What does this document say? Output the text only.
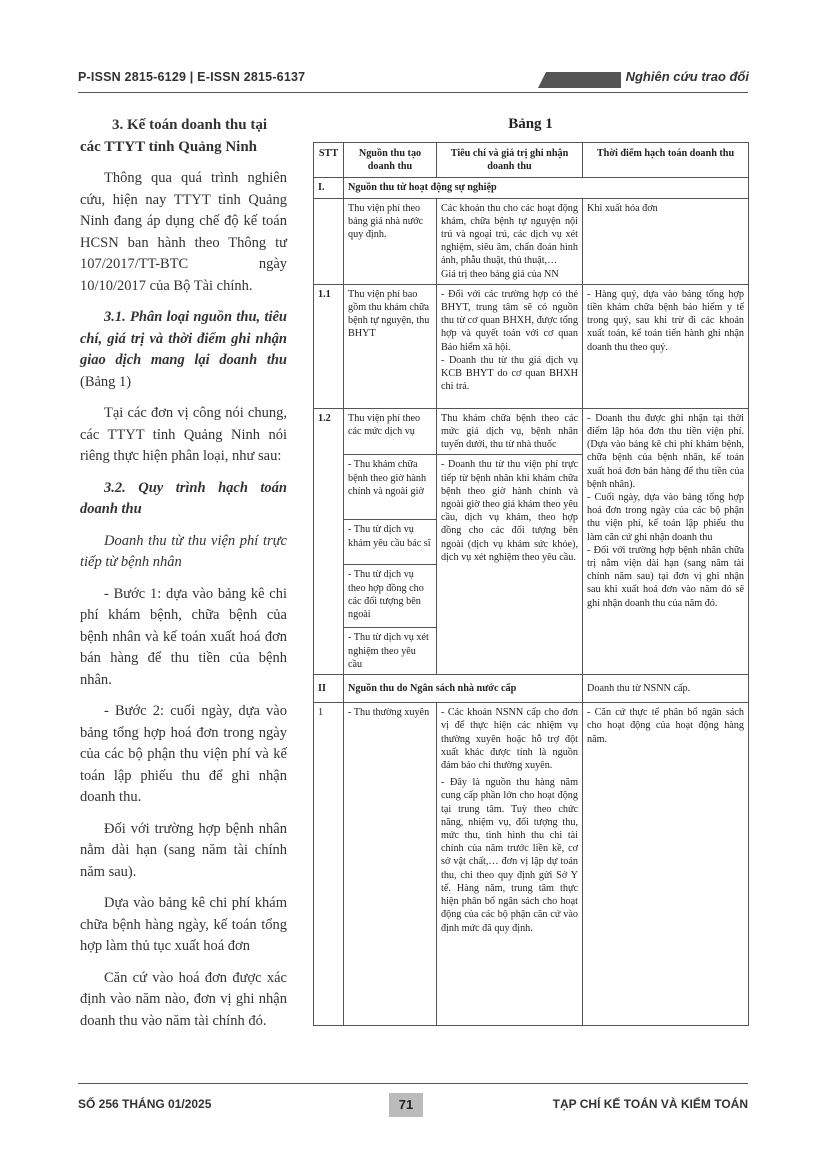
P-ISSN 2815-6129 | E-ISSN 2815-6137	Nghiên cứu trao đổi
3. Kế toán doanh thu tại các TTYT tỉnh Quảng Ninh

Thông qua quá trình nghiên cứu, hiện nay TTYT tỉnh Quảng Ninh đang áp dụng chế độ kế toán HCSN ban hành theo Thông tư 107/2017/TT-BTC ngày 10/10/2017 của Bộ Tài chính.

3.1. Phân loại nguồn thu, tiêu chí, giá trị và thời điểm ghi nhận giao dịch mang lại doanh thu (Bảng 1)

Tại các đơn vị công nói chung, các TTYT tỉnh Quảng Ninh nói riêng thực hiện phân loại, như sau:

3.2. Quy trình hạch toán doanh thu

Doanh thu từ thu viện phí trực tiếp từ bệnh nhân

- Bước 1: dựa vào bảng kê chi phí khám bệnh, chữa bệnh của bệnh nhân và kế toán xuất hoá đơn bán hàng để thu tiền của bệnh nhân.

- Bước 2: cuối ngày, dựa vào bảng tổng hợp hoá đơn trong ngày của các bộ phận thu viện phí và kế toán lập phiếu thu để ghi nhận doanh thu.

Đối với trường hợp bệnh nhân nằm dài hạn (sang năm tài chính năm sau).

Dựa vào bảng kê chi phí khám chữa bệnh hàng ngày, kế toán tổng hợp làm thủ tục xuất hoá đơn

Căn cứ vào hoá đơn được xác định vào năm nào, đơn vị ghi nhận doanh thu vào năm tài chính đó.

Bảng 1
STT	Nguồn thu tạo doanh thu	Tiêu chí và giá trị ghi nhận doanh thu	Thời điểm hạch toán doanh thu
I.	Nguồn thu từ hoạt động sự nghiệp		
	Thu viện phí theo bảng giá nhà nước quy định.	Các khoản thu cho các hoạt động khám, chữa bệnh tự nguyện nội trú và ngoại trú, các dịch vụ xét nghiệm, siêu âm, chẩn đoán hình ảnh, phẫu thuật, thủ thuật,…
Giá trị theo bảng giá của NN	Khi xuất hóa đơn
1.1	Thu viện phí bao gồm thu khám chữa bệnh tự nguyện, thu BHYT	- Đối với các trường hợp có thẻ BHYT, trung tâm sẽ có nguồn thu từ cơ quan BHXH, được tổng hợp và quyết toán với cơ quan Bảo hiểm xã hội.
- Doanh thu từ thu giá dịch vụ KCB BHYT do cơ quan BHXH chi trả.	- Hàng quý, dựa vào bảng tổng hợp tiền khám chữa bệnh bảo hiểm y tế trong quý, sau khi trừ đi các khoản xuất toán, kế toán tiến hành ghi nhận doanh thu theo quý.
1.2	Thu viện phí theo các mức dịch vụ	Thu khám chữa bệnh theo các mức giá dịch vụ, bệnh nhân tuyến dưới, thu từ nhà thuốc	- Doanh thu được ghi nhận tại thời điểm lập hóa đơn thu tiền viện phí. (Dựa vào bảng kê chi phí khám bệnh, chữa bệnh của bệnh nhân, kế toán xuất hoá đơn bán hàng để thu tiền của bệnh nhân).
- Cuối ngày, dựa vào bảng tổng hợp hoá đơn trong ngày của các bộ phận thu viện phí, kế toán lập phiếu thu làm căn cứ ghi nhận doanh thu
- Đối với trường hợp bệnh nhân chữa trị nằm viện dài hạn (sang năm tài chính năm sau) tại đơn vị ghi nhận sau khi xuất hoá đơn vào năm đó sẽ ghi nhận doanh thu của năm đó.

	- Thu khám chữa bệnh theo giờ hành chính và ngoài giờ	- Doanh thu từ thu viện phí trực tiếp từ bệnh nhân khi khám chữa bệnh theo giờ hành chính và ngoài giờ theo giá khám theo yêu cầu, dịch vụ khám, theo hợp đồng cho các đối tượng bên ngoài (dịch vụ khám sức khỏe), dịch vụ xét nghiệm theo yêu cầu.	
	- Thu từ dịch vụ khám yêu cầu bác sĩ		
	- Thu từ dịch vụ theo hợp đồng cho các đối tượng bên ngoài		
	- Thu từ dịch vụ xét nghiệm theo yêu cầu		
II	Nguồn thu do Ngân sách nhà nước cấp		Doanh thu từ NSNN cấp.
1	- Thu thường xuyên	- Các khoản NSNN cấp cho đơn vị để thực hiện các nhiệm vụ thường xuyên hoặc hỗ trợ đột xuất khác được tính là nguồn đảm bảo chi thường xuyên.
- Đây là nguồn thu hàng năm cung cấp phần lớn cho hoạt động tại trung tâm. Tuỳ theo chức năng, nhiệm vụ, đối tượng thu, mức thu, tình hình thu chi tài chính của năm trước liền kề, cơ sở vật chất,… đơn vị lập dự toán thu, chi theo quy định gửi Sở Y tế. Hàng năm, trung tâm thực hiện phân bổ ngân sách cho hoạt động của các bộ phận căn cứ vào định mức đã quy định.	- Căn cứ thực tế phân bổ ngân sách cho hoạt động của hoạt động hàng năm.
SỐ 256 THÁNG 01/2025	71	TẠP CHÍ KẾ TOÁN VÀ KIỂM TOÁN
